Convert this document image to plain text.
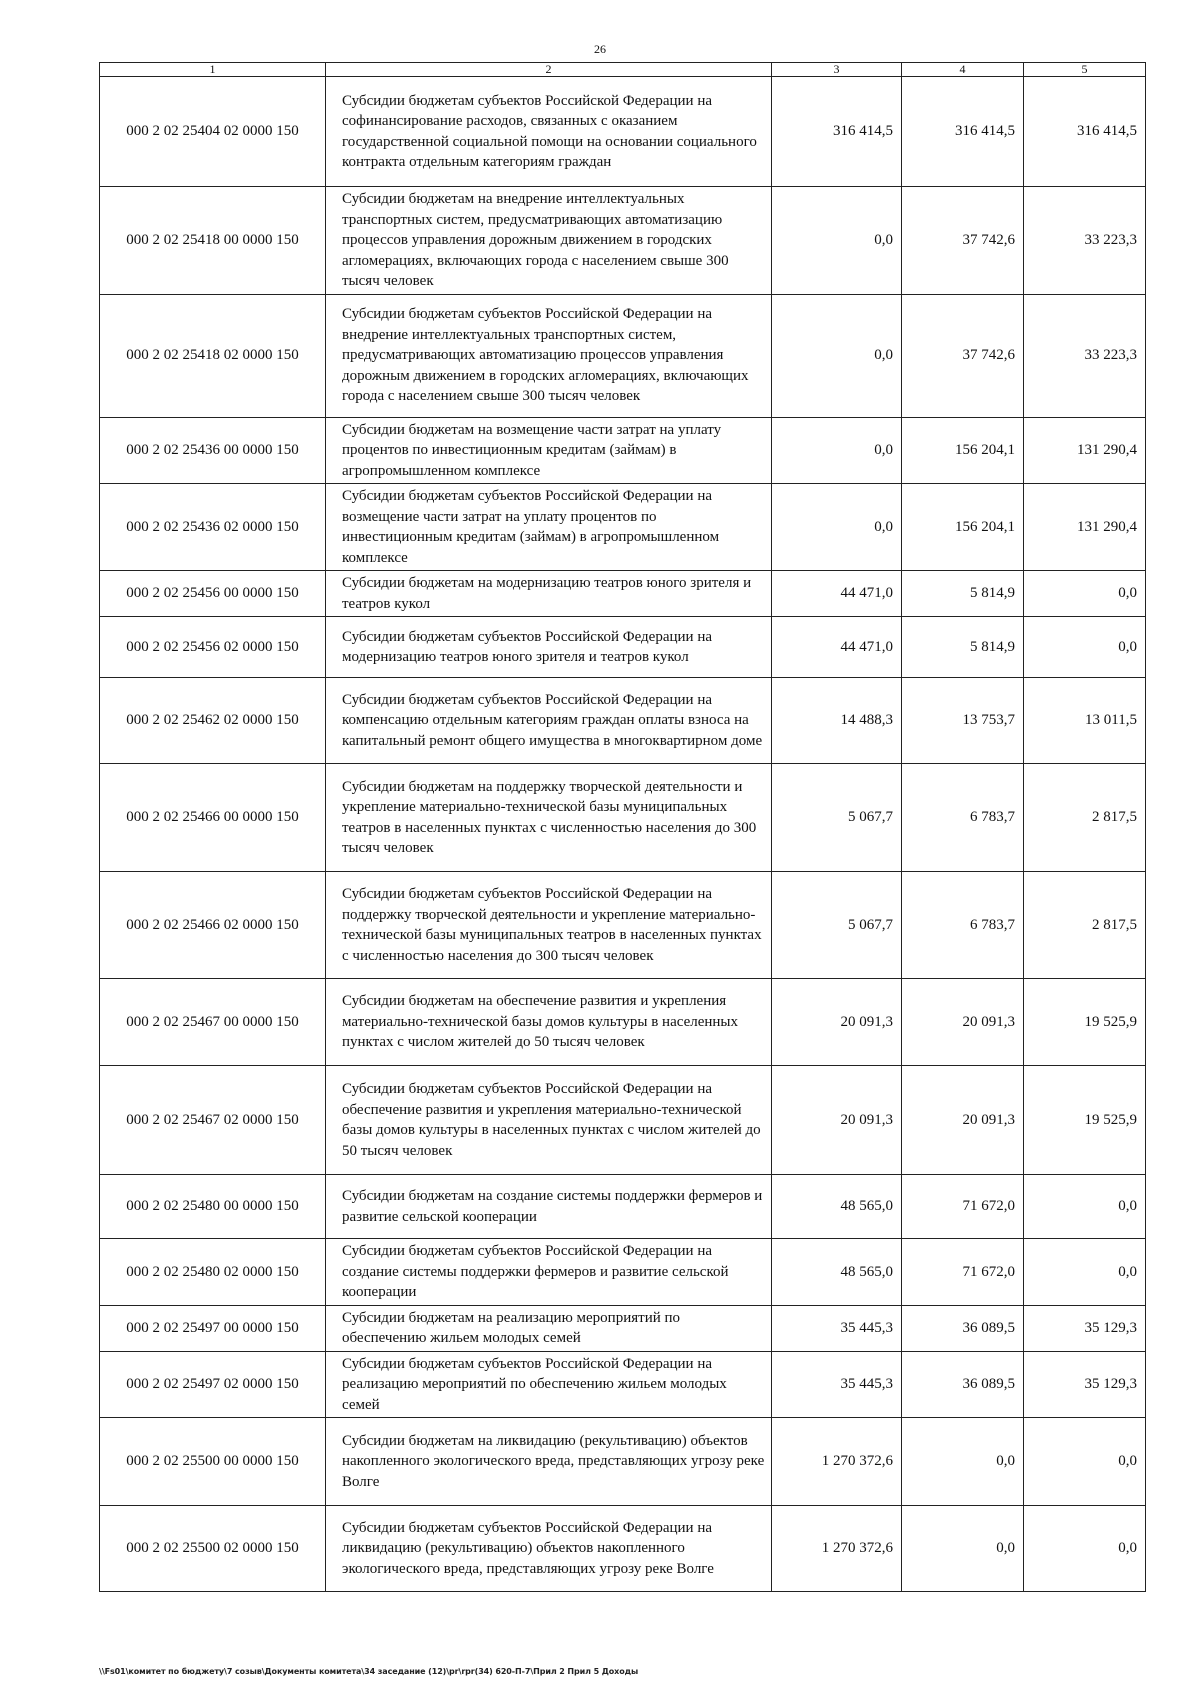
26
1	2	3	4	5
000 2 02 25404 02 0000 150	Субсидии бюджетам субъектов Российской Федерации на софинансирование расходов, связанных с оказанием государственной социальной помощи на основании социального контракта отдельным категориям граждан	316 414,5	316 414,5	316 414,5
000 2 02 25418 00 0000 150	Субсидии бюджетам на внедрение интеллектуальных транспортных систем, предусматривающих автоматизацию процессов управления дорожным движением в городских агломерациях, включающих города с населением свыше 300 тысяч человек	0,0	37 742,6	33 223,3
000 2 02 25418 02 0000 150	Субсидии бюджетам субъектов Российской Федерации на внедрение интеллектуальных транспортных систем, предусматривающих автоматизацию процессов управления дорожным движением в городских агломерациях, включающих города с населением свыше 300 тысяч человек	0,0	37 742,6	33 223,3
000 2 02 25436 00 0000 150	Субсидии бюджетам на возмещение части затрат на уплату процентов по инвестиционным кредитам (займам) в агропромышленном комплексе	0,0	156 204,1	131 290,4
000 2 02 25436 02 0000 150	Субсидии бюджетам субъектов Российской Федерации на возмещение части затрат на уплату процентов по инвестиционным кредитам (займам) в агропромышленном комплексе	0,0	156 204,1	131 290,4
000 2 02 25456 00 0000 150	Субсидии бюджетам на модернизацию театров юного зрителя и театров кукол	44 471,0	5 814,9	0,0
000 2 02 25456 02 0000 150	Субсидии бюджетам субъектов Российской Федерации на модернизацию театров юного зрителя и театров кукол	44 471,0	5 814,9	0,0
000 2 02 25462 02 0000 150	Субсидии бюджетам субъектов Российской Федерации на компенсацию отдельным категориям граждан оплаты взноса на капитальный ремонт общего имущества в многоквартирном доме	14 488,3	13 753,7	13 011,5
000 2 02 25466 00 0000 150	Субсидии бюджетам на поддержку творческой деятельности и укрепление материально-технической базы муниципальных театров в населенных пунктах с численностью населения до 300 тысяч человек	5 067,7	6 783,7	2 817,5
000 2 02 25466 02 0000 150	Субсидии бюджетам субъектов Российской Федерации на поддержку творческой деятельности и укрепление материально-технической базы муниципальных театров в населенных пунктах с численностью населения до 300 тысяч человек	5 067,7	6 783,7	2 817,5
000 2 02 25467 00 0000 150	Субсидии бюджетам на обеспечение развития и укрепления материально-технической базы домов культуры в населенных пунктах с числом жителей до 50 тысяч человек	20 091,3	20 091,3	19 525,9
000 2 02 25467 02 0000 150	Субсидии бюджетам субъектов Российской Федерации на обеспечение развития и укрепления материально-технической базы домов культуры в населенных пунктах с числом жителей до 50 тысяч человек	20 091,3	20 091,3	19 525,9
000 2 02 25480 00 0000 150	Субсидии бюджетам на создание системы поддержки фермеров и развитие сельской кооперации	48 565,0	71 672,0	0,0
000 2 02 25480 02 0000 150	Субсидии бюджетам субъектов Российской Федерации на создание системы поддержки фермеров и развитие сельской кооперации	48 565,0	71 672,0	0,0
000 2 02 25497 00 0000 150	Субсидии бюджетам на реализацию мероприятий по обеспечению жильем молодых семей	35 445,3	36 089,5	35 129,3
000 2 02 25497 02 0000 150	Субсидии бюджетам субъектов Российской Федерации на реализацию мероприятий по обеспечению жильем молодых семей	35 445,3	36 089,5	35 129,3
000 2 02 25500 00 0000 150	Субсидии бюджетам на ликвидацию (рекультивацию) объектов накопленного экологического вреда, представляющих угрозу реке Волге	1 270 372,6	0,0	0,0
000 2 02 25500 02 0000 150	Субсидии бюджетам субъектов Российской Федерации на ликвидацию (рекультивацию) объектов накопленного экологического вреда, представляющих угрозу реке Волге	1 270 372,6	0,0	0,0
\\Fs01\комитет по бюджету\7 созыв\Документы комитета\34 заседание (12)\pr\rpr(34) 620-П-7\Прил 2 Прил 5 Доходы
